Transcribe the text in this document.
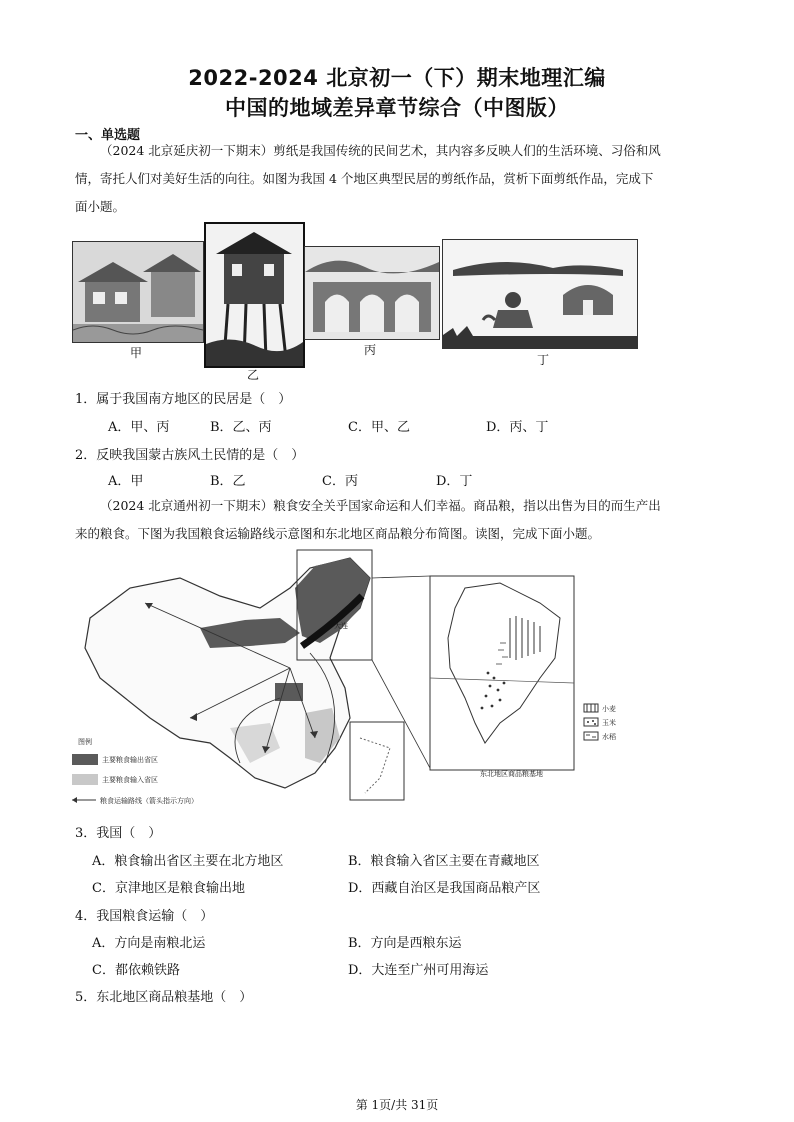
2022-2024 北京初一（下）期末地理汇编
中国的地域差异章节综合（中图版）
一、单选题
（2024 北京延庆初一下期末）剪纸是我国传统的民间艺术，其内容多反映人们的生活环境、习俗和风
情，寄托人们对美好生活的向往。如图为我国 4 个地区典型民居的剪纸作品，赏析下面剪纸作品，完成下
面小题。
甲
乙
丙
丁
1．属于我国南方地区的民居是（　）
A．甲、丙	B．乙、丙	C．甲、乙	D．丙、丁
2．反映我国蒙古族风土民情的是（　）
A．甲	B．乙	C．丙	D．丁
（2024 北京通州初一下期末）粮食安全关乎国家命运和人们幸福。商品粮，指以出售为目的而生产出
来的粮食。下图为我国粮食运输路线示意图和东北地区商品粮分布简图。读图，完成下面小题。
大连
图例
主要粮食输出省区
主要粮食输入省区
粮食运输路线（箭头指示方向）
东北地区商品粮基地
小麦
玉米
水稻
3．我国（　）
A．粮食输出省区主要在北方地区	B．粮食输入省区主要在青藏地区
C．京津地区是粮食输出地	D．西藏自治区是我国商品粮产区
4．我国粮食运输（　）
A．方向是南粮北运	B．方向是西粮东运
C．都依赖铁路	D．大连至广州可用海运
5．东北地区商品粮基地（　）
第 1页/共 31页
